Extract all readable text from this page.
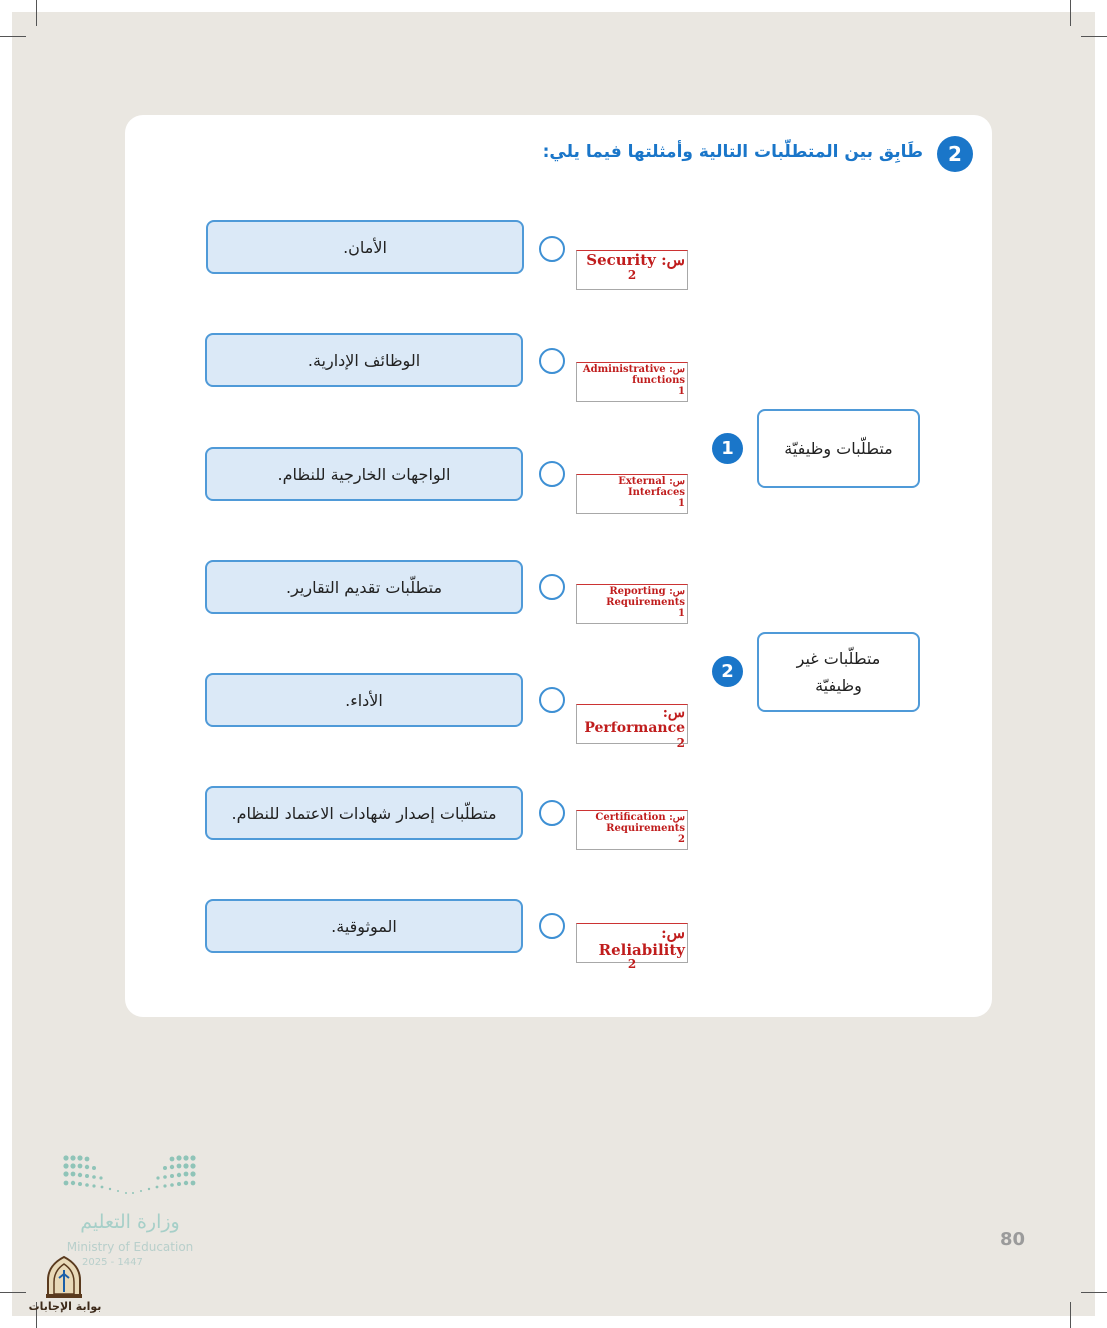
2
طَابِق بين المتطلّبات التالية وأمثلتها فيما يلي:
الأمان.
س: Security
2
الوظائف الإدارية.	س: Administrative functions
1
الواجهات الخارجية للنظام.	س: External Interfaces
1
متطلّبات تقديم التقارير.	س: Reporting Requirements
1
الأداء.
س: Performance
2
متطلّبات إصدار شهادات الاعتماد للنظام.	س: Certification Requirements
2
الموثوقية.	س: Reliability
2
1	متطلّبات وظيفيّة
2
متطلّبات غير وظيفيّة
80
وزارة التعليم
Ministry of Education
2025 - 1447
بوابة الإجابات
